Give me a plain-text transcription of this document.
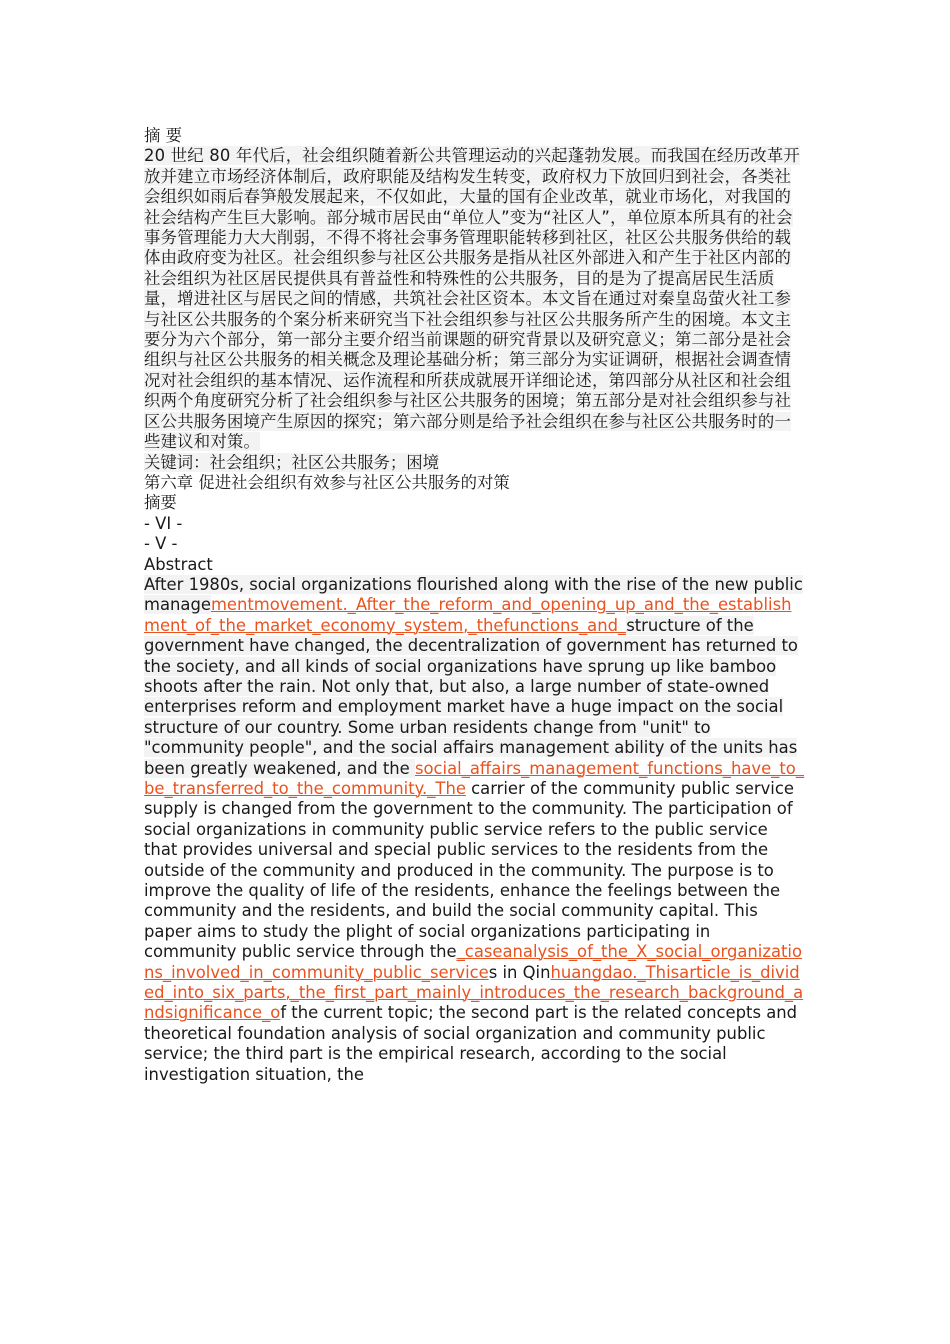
摘 要
20 世纪 80 年代后，社会组织随着新公共管理运动的兴起蓬勃发展。而我国在经历改革开放并建立市场经济体制后，政府职能及结构发生转变，政府权力下放回归到社会，各类社会组织如雨后春笋般发展起来，不仅如此，大量的国有企业改革，就业市场化，对我国的社会结构产生巨大影响。部分城市居民由“单位人”变为“社区人”，单位原本所具有的社会事务管理能力大大削弱，不得不将社会事务管理职能转移到社区，社区公共服务供给的载体由政府变为社区。社会组织参与社区公共服务是指从社区外部进入和产生于社区内部的社会组织为社区居民提供具有普益性和特殊性的公共服务，目的是为了提高居民生活质量，增进社区与居民之间的情感，共筑社会社区资本。本文旨在通过对秦皇岛萤火社工参与社区公共服务的个案分析来研究当下社会组织参与社区公共服务所产生的困境。本文主要分为六个部分，第一部分主要介绍当前课题的研究背景以及研究意义；第二部分是社会组织与社区公共服务的相关概念及理论基础分析；第三部分为实证调研，根据社会调查情况对社会组织的基本情况、运作流程和所获成就展开详细论述，第四部分从社区和社会组织两个角度研究分析了社会组织参与社区公共服务的困境；第五部分是对社会组织参与社区公共服务困境产生原因的探究；第六部分则是给予社会组织在参与社区公共服务时的一些建议和对策。
关键词：社会组织；社区公共服务；困境
第六章 促进社会组织有效参与社区公共服务的对策
摘要
- VI -
- V -
Abstract
After 1980s, social organizations flourished along with the rise of the new public managementmovement._After_the_reform_and_opening_up_and_the_establishment_of_the_market_economy_system,_thefunctions_and_structure of the government have changed, the decentralization of government has returned to the society, and all kinds of social organizations have sprung up like bamboo shoots after the rain. Not only that, but also, a large number of state-owned enterprises reform and employment market have a huge impact on the social structure of our country. Some urban residents change from "unit" to "community people", and the social affairs management ability of the units has been greatly weakened, and the social_affairs_management_functions_have_to_be_transferred_to_the_community._The carrier of the community public service supply is changed from the government to the community. The participation of social organizations in community public service refers to the public service that provides universal and special public services to the residents from the outside of the community and produced in the community. The purpose is to improve the quality of life of the residents, enhance the feelings between the community and the residents, and build the social community capital. This paper aims to study the plight of social organizations participating in community public service through the_caseanalysis_of_the_X_social_organizations_involved_in_community_public_services in Qinhuangdao._Thisarticle_is_divided_into_six_parts,_the_first_part_mainly_introduces_the_research_background_andsignificance_of the current topic; the second part is the related concepts and theoretical foundation analysis of social organization and community public service; the third part is the empirical research, according to the social investigation situation, the
